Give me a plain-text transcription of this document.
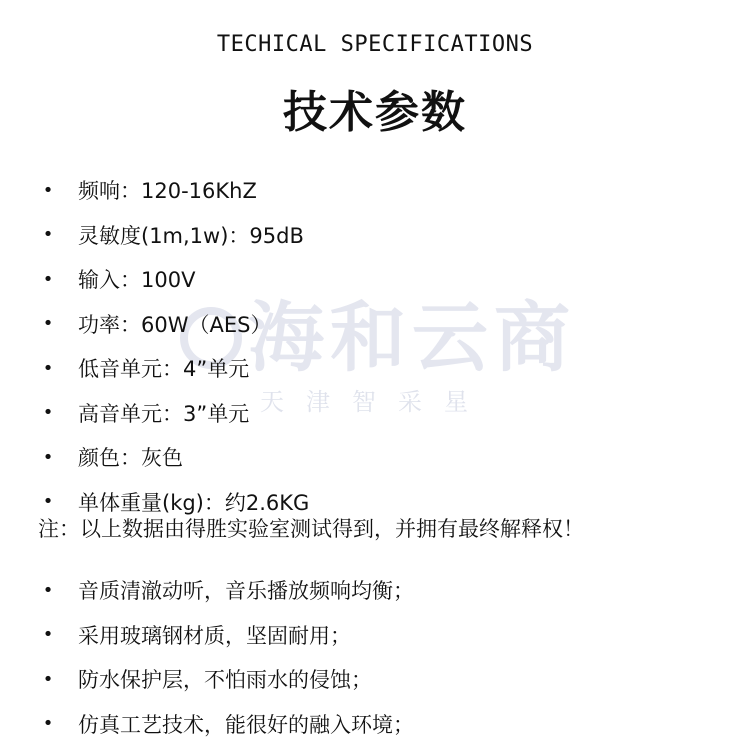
TECHICAL SPECIFICATIONS
技术参数
海和云商
天津智采星
•	频响：120-16KhZ
•	灵敏度(1m,1w)：95dB
•	输入：100V
•	功率：60W（AES）
•	低音单元：4”单元
•	高音单元：3”单元
•	颜色：灰色
•	单体重量(kg)：约2.6KG
注：以上数据由得胜实验室测试得到，并拥有最终解释权！
•	音质清澈动听，音乐播放频响均衡；
•	采用玻璃钢材质，坚固耐用；
•	防水保护层，不怕雨水的侵蚀；
•	仿真工艺技术，能很好的融入环境；
